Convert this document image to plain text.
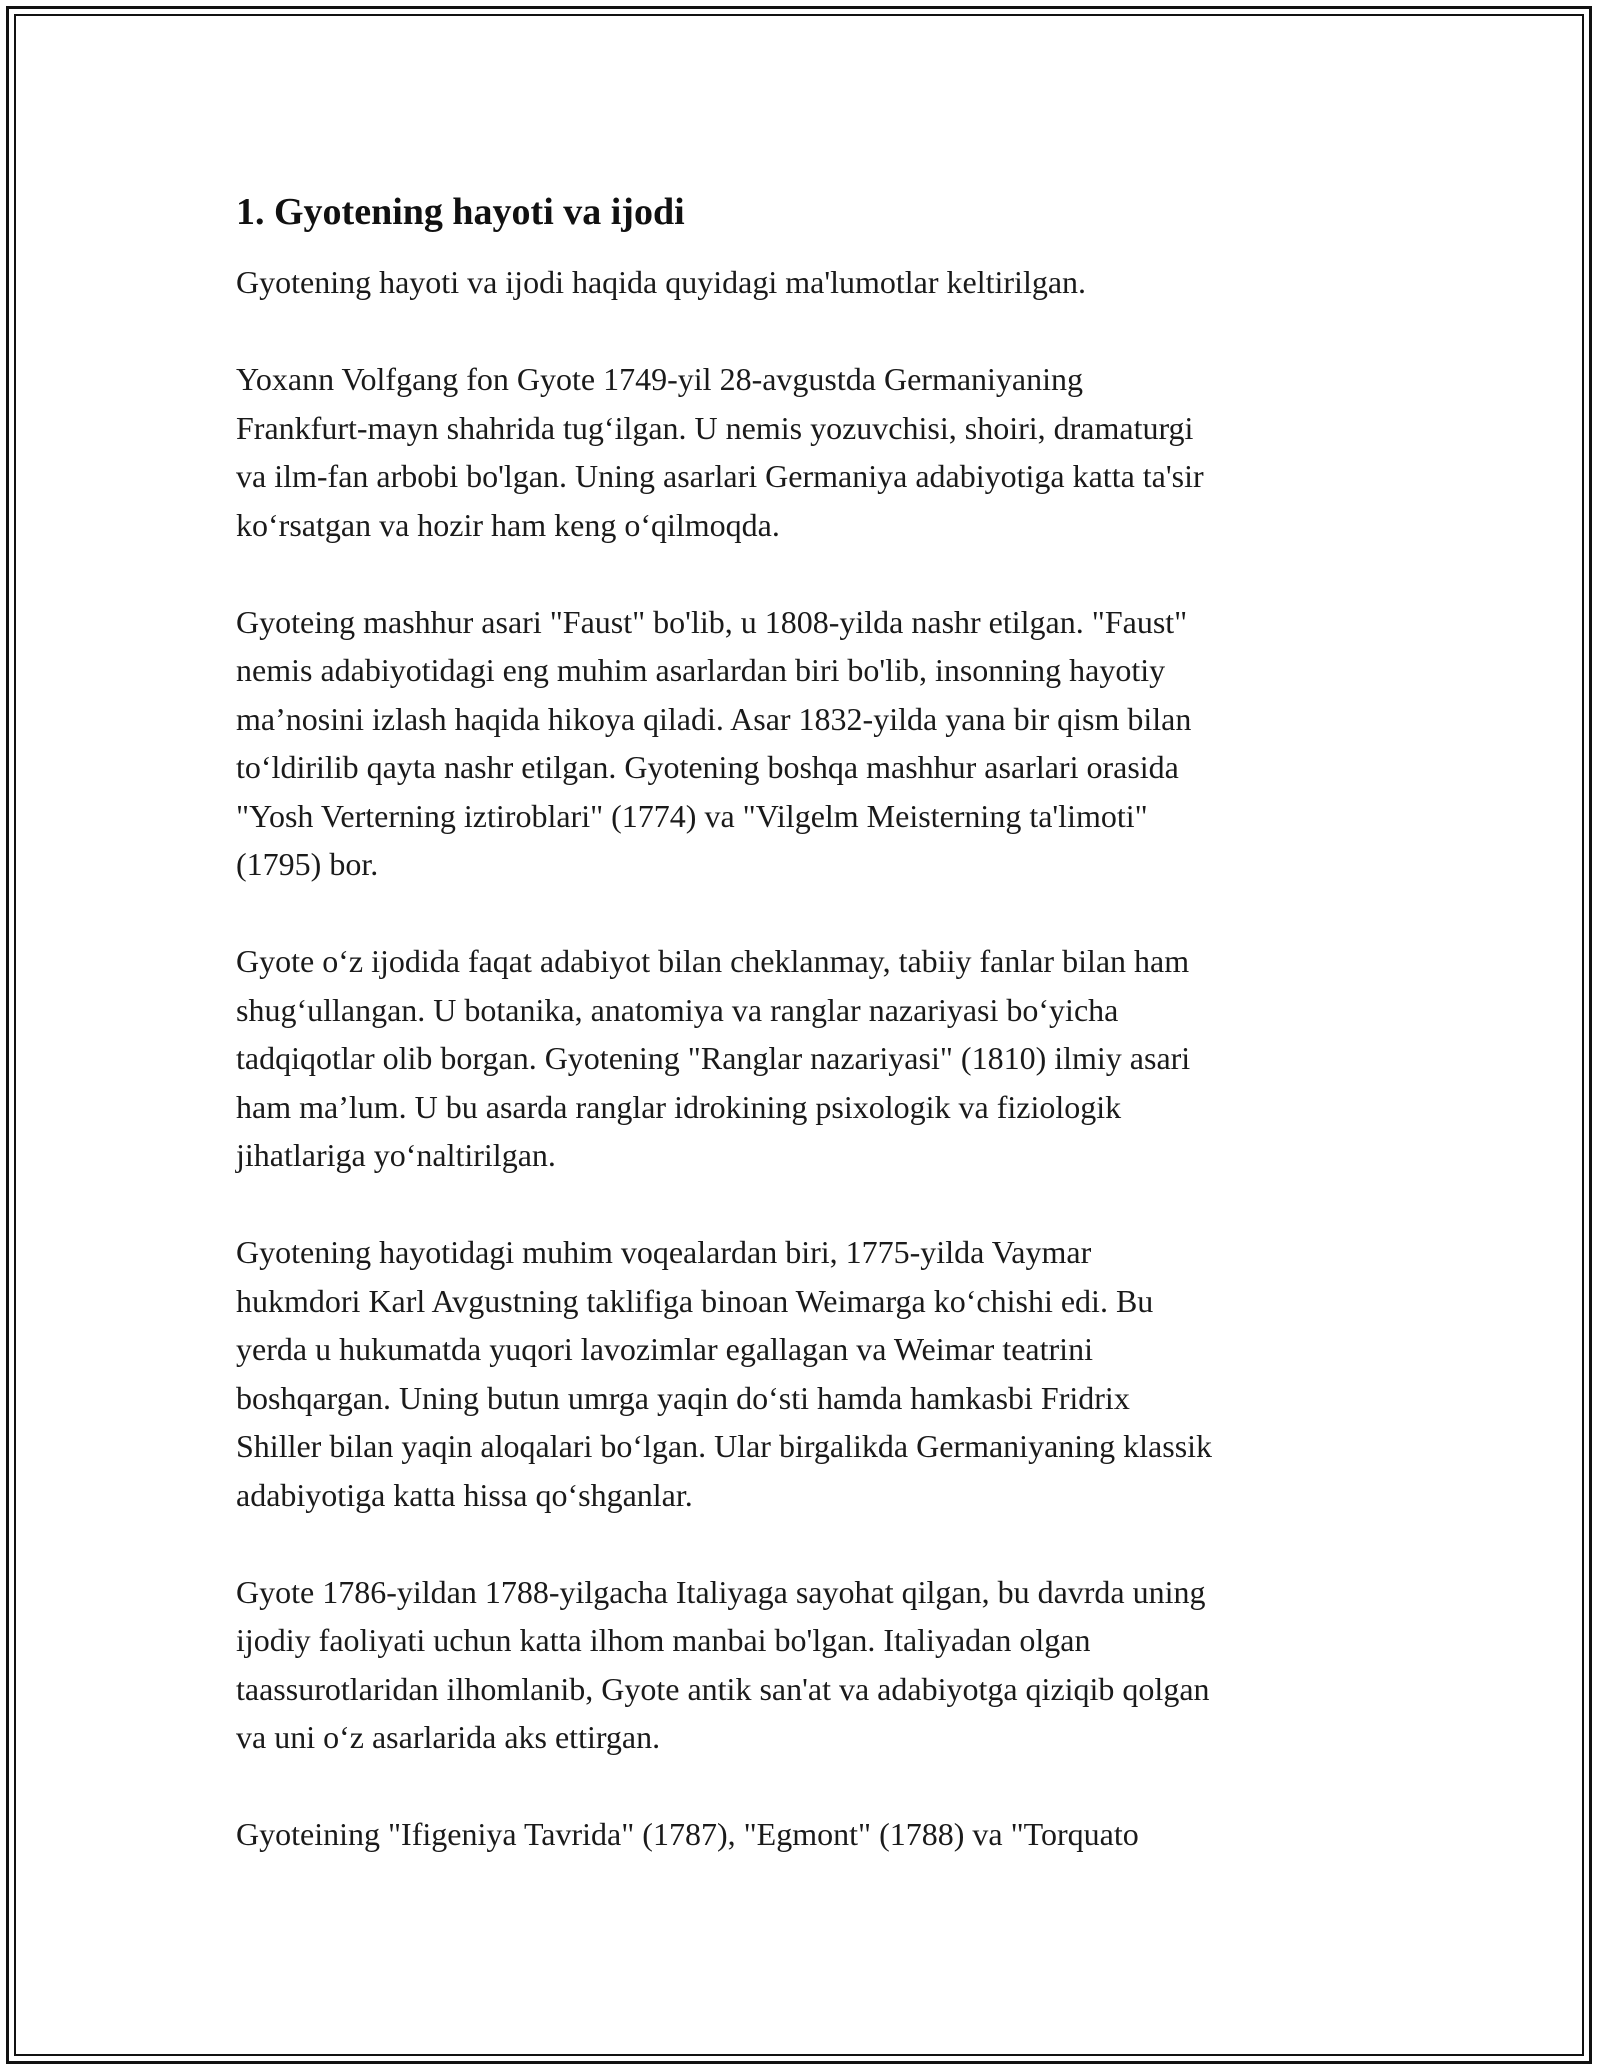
1. Gyotening hayoti va ijodi

Gyotening hayoti va ijodi haqida quyidagi ma'lumotlar keltirilgan.

Yoxann Volfgang fon Gyote 1749-yil 28-avgustda Germaniyaning
Frankfurt-mayn shahrida tug‘ilgan. U nemis yozuvchisi, shoiri, dramaturgi
va ilm-fan arbobi bo'lgan. Uning asarlari Germaniya adabiyotiga katta ta'sir
ko‘rsatgan va hozir ham keng o‘qilmoqda.

Gyoteing mashhur asari "Faust" bo'lib, u 1808-yilda nashr etilgan. "Faust"
nemis adabiyotidagi eng muhim asarlardan biri bo'lib, insonning hayotiy
ma’nosini izlash haqida hikoya qiladi. Asar 1832-yilda yana bir qism bilan
to‘ldirilib qayta nashr etilgan. Gyotening boshqa mashhur asarlari orasida
"Yosh Verterning iztiroblari" (1774) va "Vilgelm Meisterning ta'limoti"
(1795) bor.

Gyote o‘z ijodida faqat adabiyot bilan cheklanmay, tabiiy fanlar bilan ham
shug‘ullangan. U botanika, anatomiya va ranglar nazariyasi bo‘yicha
tadqiqotlar olib borgan. Gyotening "Ranglar nazariyasi" (1810) ilmiy asari
ham ma’lum. U bu asarda ranglar idrokining psixologik va fiziologik
jihatlariga yo‘naltirilgan.

Gyotening hayotidagi muhim voqealardan biri, 1775-yilda Vaymar
hukmdori Karl Avgustning taklifiga binoan Weimarga ko‘chishi edi. Bu
yerda u hukumatda yuqori lavozimlar egallagan va Weimar teatrini
boshqargan. Uning butun umrga yaqin do‘sti hamda hamkasbi Fridrix
Shiller bilan yaqin aloqalari bo‘lgan. Ular birgalikda Germaniyaning klassik
adabiyotiga katta hissa qo‘shganlar.

Gyote 1786-yildan 1788-yilgacha Italiyaga sayohat qilgan, bu davrda uning
ijodiy faoliyati uchun katta ilhom manbai bo'lgan. Italiyadan olgan
taassurotlaridan ilhomlanib, Gyote antik san'at va adabiyotga qiziqib qolgan
va uni o‘z asarlarida aks ettirgan.

Gyoteining "Ifigeniya Tavrida" (1787), "Egmont" (1788) va "Torquato
